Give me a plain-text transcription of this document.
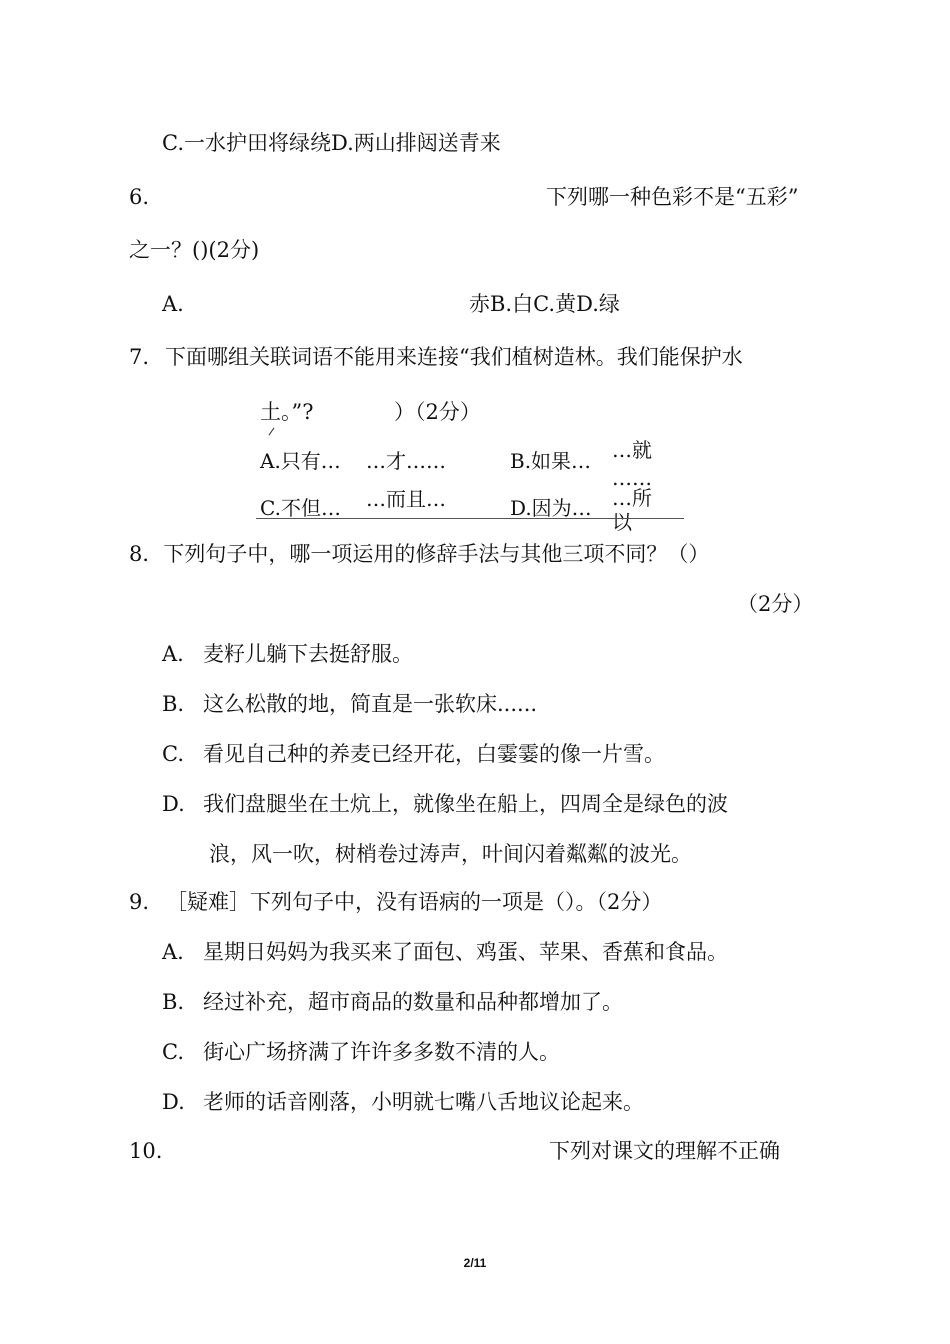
C.一水护田将绿绕D.两山排闼送青来
6.	下列哪一种色彩不是“五彩”
之一？()(2分)
A.	赤B.白C.黄D.绿
7. 下面哪组关联词语不能用来连接“我们植树造林。我们能保护水
土。”?	）（2分）
A.只有… …才……	B.如果… …就
……
C.不但… …而且…	D.因为… …所
以
8．下列句子中，哪一项运用的修辞手法与其他三项不同？（）
（2分）
A. 麦籽儿躺下去挺舒服。
B. 这么松散的地，简直是一张软床......
C. 看见自己种的养麦已经开花，白霎霎的像一片雪。
D. 我们盘腿坐在土炕上，就像坐在船上，四周全是绿色的波
浪，风一吹，树梢卷过涛声，叶间闪着粼粼的波光。
9. ［疑难］下列句子中，没有语病的一项是（）。（2分）
A. 星期日妈妈为我买来了面包、鸡蛋、苹果、香蕉和食品。
B. 经过补充，超市商品的数量和品种都增加了。
C. 街心广场挤满了许许多多数不清的人。
D. 老师的话音刚落，小明就七嘴八舌地议论起来。
10.	下列对课文的理解不正确
2/11
